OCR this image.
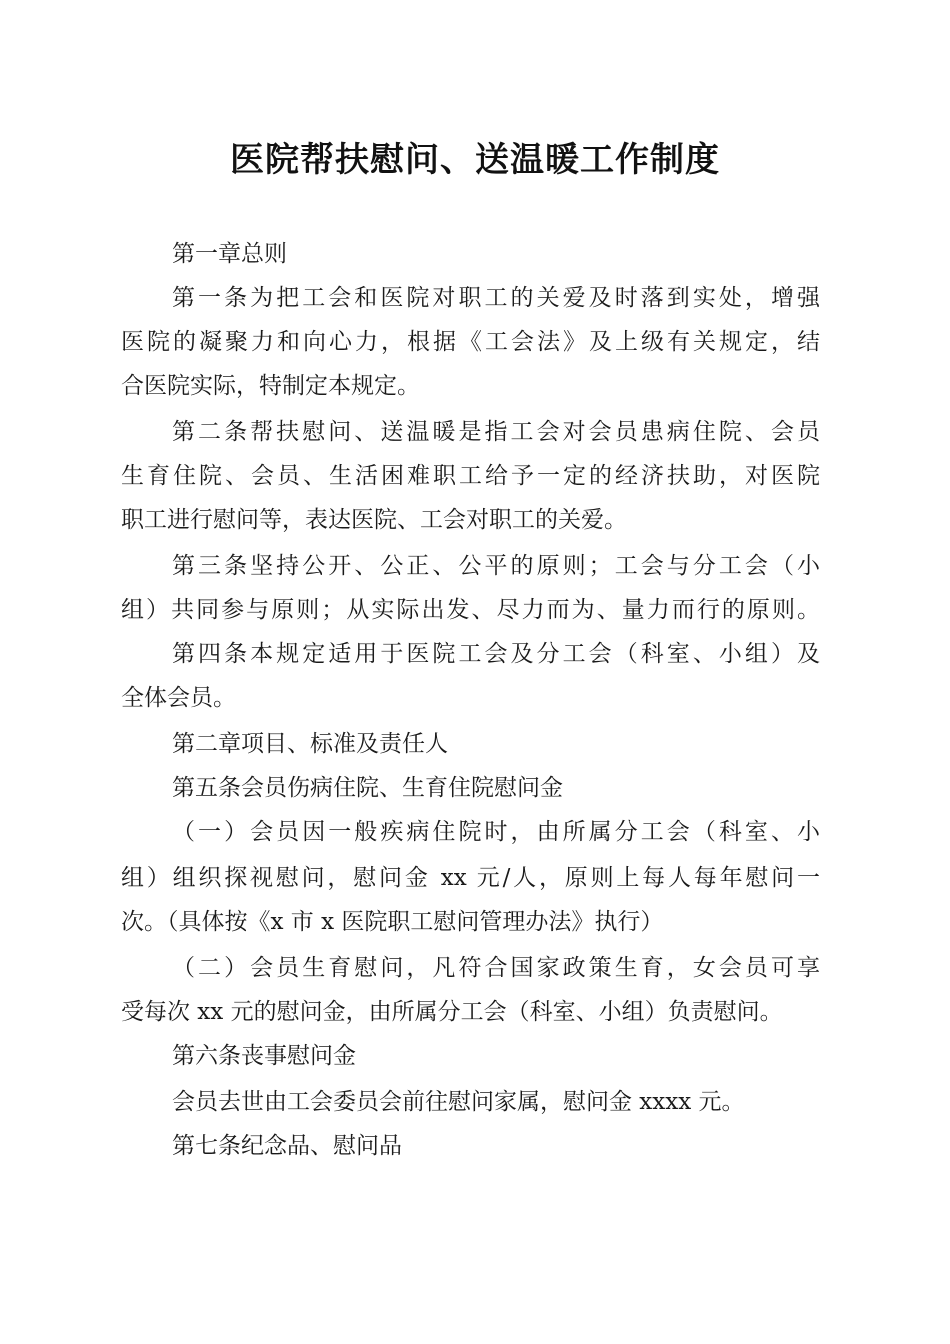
医院帮扶慰问、送温暖工作制度
第一章总则
第一条为把工会和医院对职工的关爱及时落到实处，增强
医院的凝聚力和向心力，根据《工会法》及上级有关规定，结
合医院实际，特制定本规定。
第二条帮扶慰问、送温暖是指工会对会员患病住院、会员
生育住院、会员、生活困难职工给予一定的经济扶助，对医院
职工进行慰问等，表达医院、工会对职工的关爱。
第三条坚持公开、公正、公平的原则；工会与分工会（小
组）共同参与原则；从实际出发、尽力而为、量力而行的原则。
第四条本规定适用于医院工会及分工会（科室、小组）及
全体会员。
第二章项目、标准及责任人
第五条会员伤病住院、生育住院慰问金
（一）会员因一般疾病住院时，由所属分工会（科室、小
组）组织探视慰问，慰问金 xx 元/人，原则上每人每年慰问一
次。（具体按《x 市 x 医院职工慰问管理办法》执行）
（二）会员生育慰问，凡符合国家政策生育，女会员可享
受每次 xx 元的慰问金，由所属分工会（科室、小组）负责慰问。
第六条丧事慰问金
会员去世由工会委员会前往慰问家属，慰问金 xxxx 元。
第七条纪念品、慰问品
